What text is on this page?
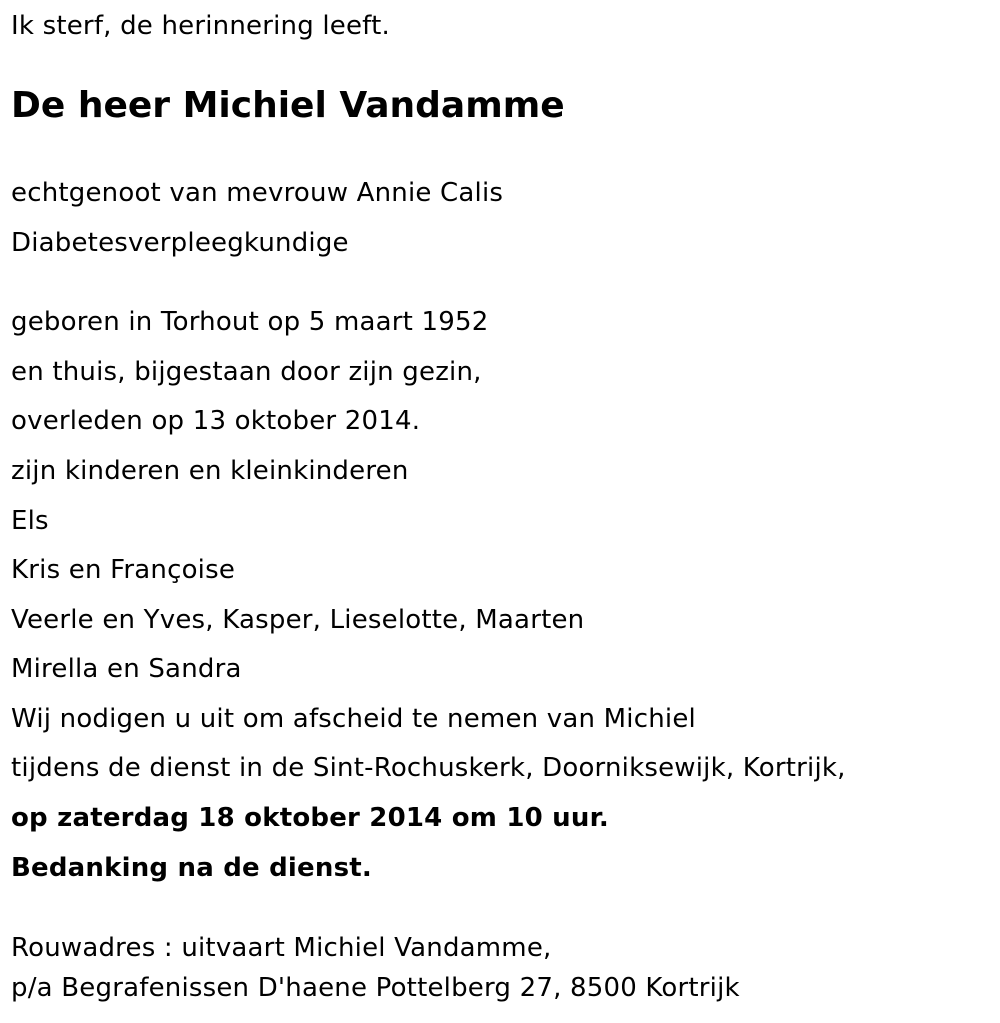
Ik sterf, de herinnering leeft.
De heer Michiel Vandamme
echtgenoot van mevrouw Annie Calis
Diabetesverpleegkundige
geboren in Torhout op 5 maart 1952
en thuis, bijgestaan door zijn gezin,
overleden op 13 oktober 2014.
zijn kinderen en kleinkinderen
Els
Kris en Françoise
Veerle en Yves, Kasper, Lieselotte, Maarten
Mirella en Sandra
Wij nodigen u uit om afscheid te nemen van Michiel
tijdens de dienst in de Sint-Rochuskerk, Doorniksewijk, Kortrijk,
op zaterdag 18 oktober 2014 om 10 uur.
Bedanking na de dienst.
Rouwadres : uitvaart Michiel Vandamme,
p/a Begrafenissen D'haene Pottelberg 27, 8500 Kortrijk
